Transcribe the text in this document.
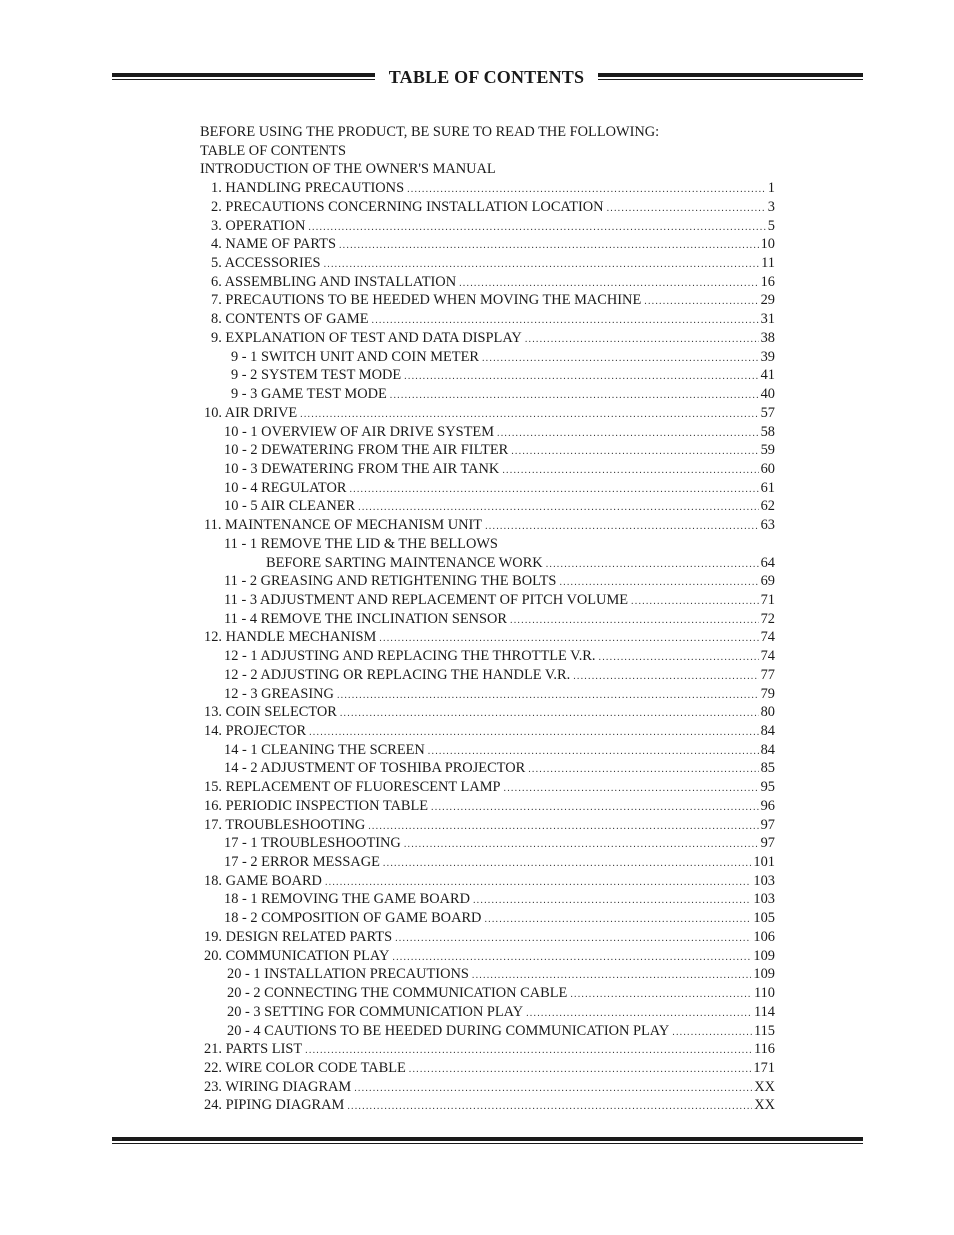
TABLE OF CONTENTS
BEFORE USING THE PRODUCT, BE SURE TO READ THE FOLLOWING:
TABLE OF CONTENTS
INTRODUCTION OF THE OWNER'S MANUAL
1. HANDLING PRECAUTIONS .....	1
2. PRECAUTIONS CONCERNING INSTALLATION LOCATION .....	3
3. OPERATION .....	5
4. NAME OF PARTS .....	10
5. ACCESSORIES .....	11
6. ASSEMBLING AND INSTALLATION .....	16
7. PRECAUTIONS TO BE HEEDED WHEN MOVING THE MACHINE .....	29
8. CONTENTS OF GAME .....	31
9. EXPLANATION OF TEST AND DATA DISPLAY .....	38
9 - 1 SWITCH UNIT AND COIN METER .....	39
9 - 2 SYSTEM TEST MODE .....	41
9 - 3 GAME TEST MODE .....	40
10. AIR DRIVE .....	57
10 - 1 OVERVIEW OF AIR DRIVE SYSTEM .....	58
10 - 2 DEWATERING FROM THE AIR FILTER .....	59
10 - 3 DEWATERING FROM THE AIR TANK .....	60
10 - 4 REGULATOR .....	61
10 - 5 AIR CLEANER .....	62
11. MAINTENANCE OF MECHANISM UNIT .....	63
11 - 1 REMOVE THE LID & THE BELLOWS
BEFORE SARTING MAINTENANCE WORK .....	64
11 - 2 GREASING AND RETIGHTENING THE BOLTS .....	69
11 - 3 ADJUSTMENT AND REPLACEMENT OF PITCH VOLUME .....	71
11 - 4 REMOVE THE INCLINATION SENSOR .....	72
12. HANDLE MECHANISM .....	74
12 - 1 ADJUSTING AND REPLACING THE THROTTLE V.R. .....	74
12 - 2 ADJUSTING OR REPLACING THE HANDLE V.R. .....	77
12 - 3 GREASING .....	79
13. COIN SELECTOR .....	80
14. PROJECTOR .....	84
14 - 1 CLEANING THE SCREEN .....	84
14 - 2 ADJUSTMENT OF TOSHIBA PROJECTOR .....	85
15. REPLACEMENT OF FLUORESCENT LAMP .....	95
16. PERIODIC INSPECTION TABLE .....	96
17. TROUBLESHOOTING .....	97
17 - 1 TROUBLESHOOTING .....	97
17 - 2 ERROR MESSAGE .....	101
18. GAME BOARD .....	103
18 - 1 REMOVING THE GAME BOARD .....	103
18 - 2 COMPOSITION OF GAME BOARD .....	105
19. DESIGN RELATED PARTS .....	106
20. COMMUNICATION PLAY .....	109
20 - 1 INSTALLATION PRECAUTIONS .....	109
20 - 2 CONNECTING THE COMMUNICATION CABLE .....	110
20 - 3 SETTING FOR COMMUNICATION PLAY .....	114
20 - 4 CAUTIONS TO BE HEEDED DURING COMMUNICATION PLAY .....	115
21. PARTS LIST .....	116
22. WIRE COLOR CODE TABLE .....	171
23. WIRING DIAGRAM .....	XX
24. PIPING DIAGRAM .....	XX
